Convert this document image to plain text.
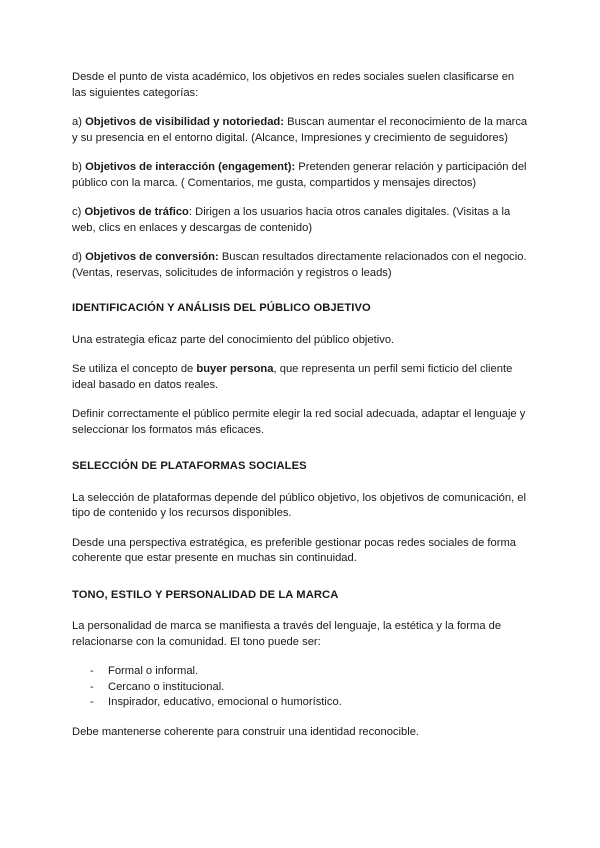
Desde el punto de vista académico, los objetivos en redes sociales suelen clasificarse en las siguientes categorías:

a) Objetivos de visibilidad y notoriedad: Buscan aumentar el reconocimiento de la marca y su presencia en el entorno digital. (Alcance, Impresiones y crecimiento de seguidores)

b) Objetivos de interacción (engagement): Pretenden generar relación y participación del público con la marca. ( Comentarios, me gusta, compartidos y mensajes directos)

c) Objetivos de tráfico: Dirigen a los usuarios hacia otros canales digitales. (Visitas a la web, clics en enlaces y descargas de contenido)

d) Objetivos de conversión: Buscan resultados directamente relacionados con el negocio. (Ventas, reservas, solicitudes de información y registros o leads)

IDENTIFICACIÓN Y ANÁLISIS DEL PÚBLICO OBJETIVO

Una estrategia eficaz parte del conocimiento del público objetivo.

Se utiliza el concepto de buyer persona, que representa un perfil semi ficticio del cliente ideal basado en datos reales.

Definir correctamente el público permite elegir la red social adecuada, adaptar el lenguaje y seleccionar los formatos más eficaces.

SELECCIÓN DE PLATAFORMAS SOCIALES

La selección de plataformas depende del público objetivo, los objetivos de comunicación, el tipo de contenido y los recursos disponibles.

Desde una perspectiva estratégica, es preferible gestionar pocas redes sociales de forma coherente que estar presente en muchas sin continuidad.

TONO, ESTILO Y PERSONALIDAD DE LA MARCA

La personalidad de marca se manifiesta a través del lenguaje, la estética y la forma de relacionarse con la comunidad. El tono puede ser:

- Formal o informal.
- Cercano o institucional.
- Inspirador, educativo, emocional o humorístico.

Debe mantenerse coherente para construir una identidad reconocible.
